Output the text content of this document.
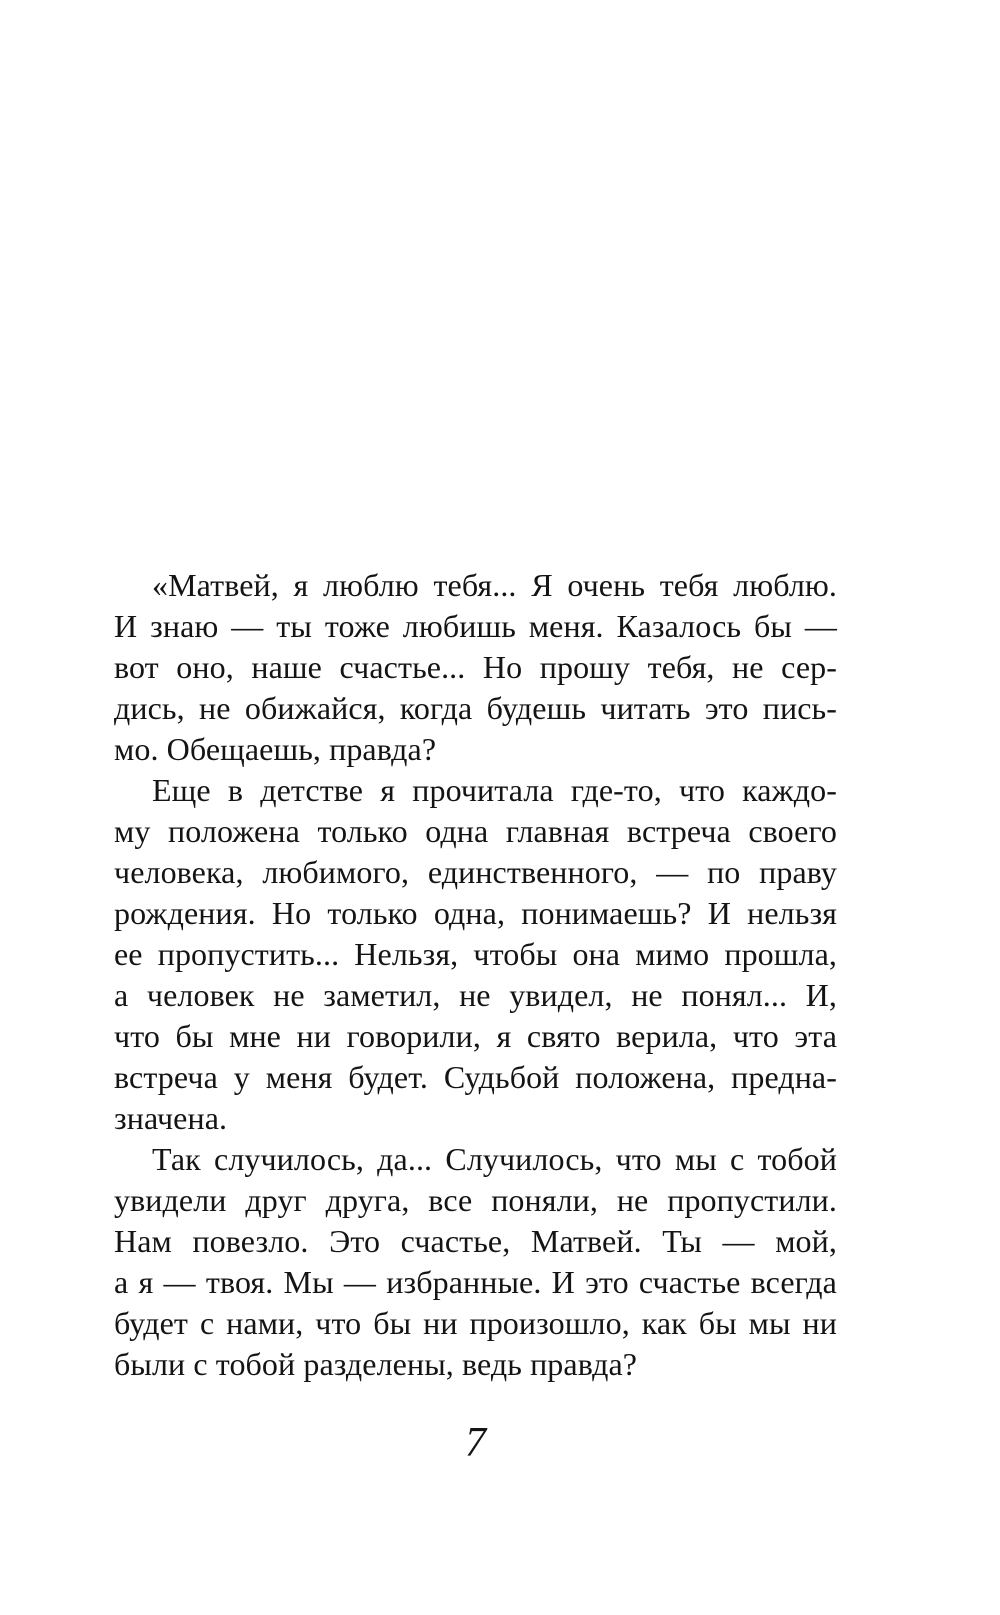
«Матвей, я люблю тебя... Я очень тебя люблю.
И знаю — ты тоже любишь меня. Казалось бы —
вот оно, наше счастье... Но прошу тебя, не сер-
дись, не обижайся, когда будешь читать это пись-
мо. Обещаешь, правда?
Еще в детстве я прочитала где-то, что каждо-
му положена только одна главная встреча своего
человека, любимого, единственного, — по праву
рождения. Но только одна, понимаешь? И нельзя
ее пропустить... Нельзя, чтобы она мимо прошла,
а человек не заметил, не увидел, не понял... И,
что бы мне ни говорили, я свято верила, что эта
встреча у меня будет. Судьбой положена, предна-
значена.
Так случилось, да... Случилось, что мы с тобой
увидели друг друга, все поняли, не пропустили.
Нам повезло. Это счастье, Матвей. Ты — мой,
а я — твоя. Мы — избранные. И это счастье всегда
будет с нами, что бы ни произошло, как бы мы ни
были с тобой разделены, ведь правда?
7
